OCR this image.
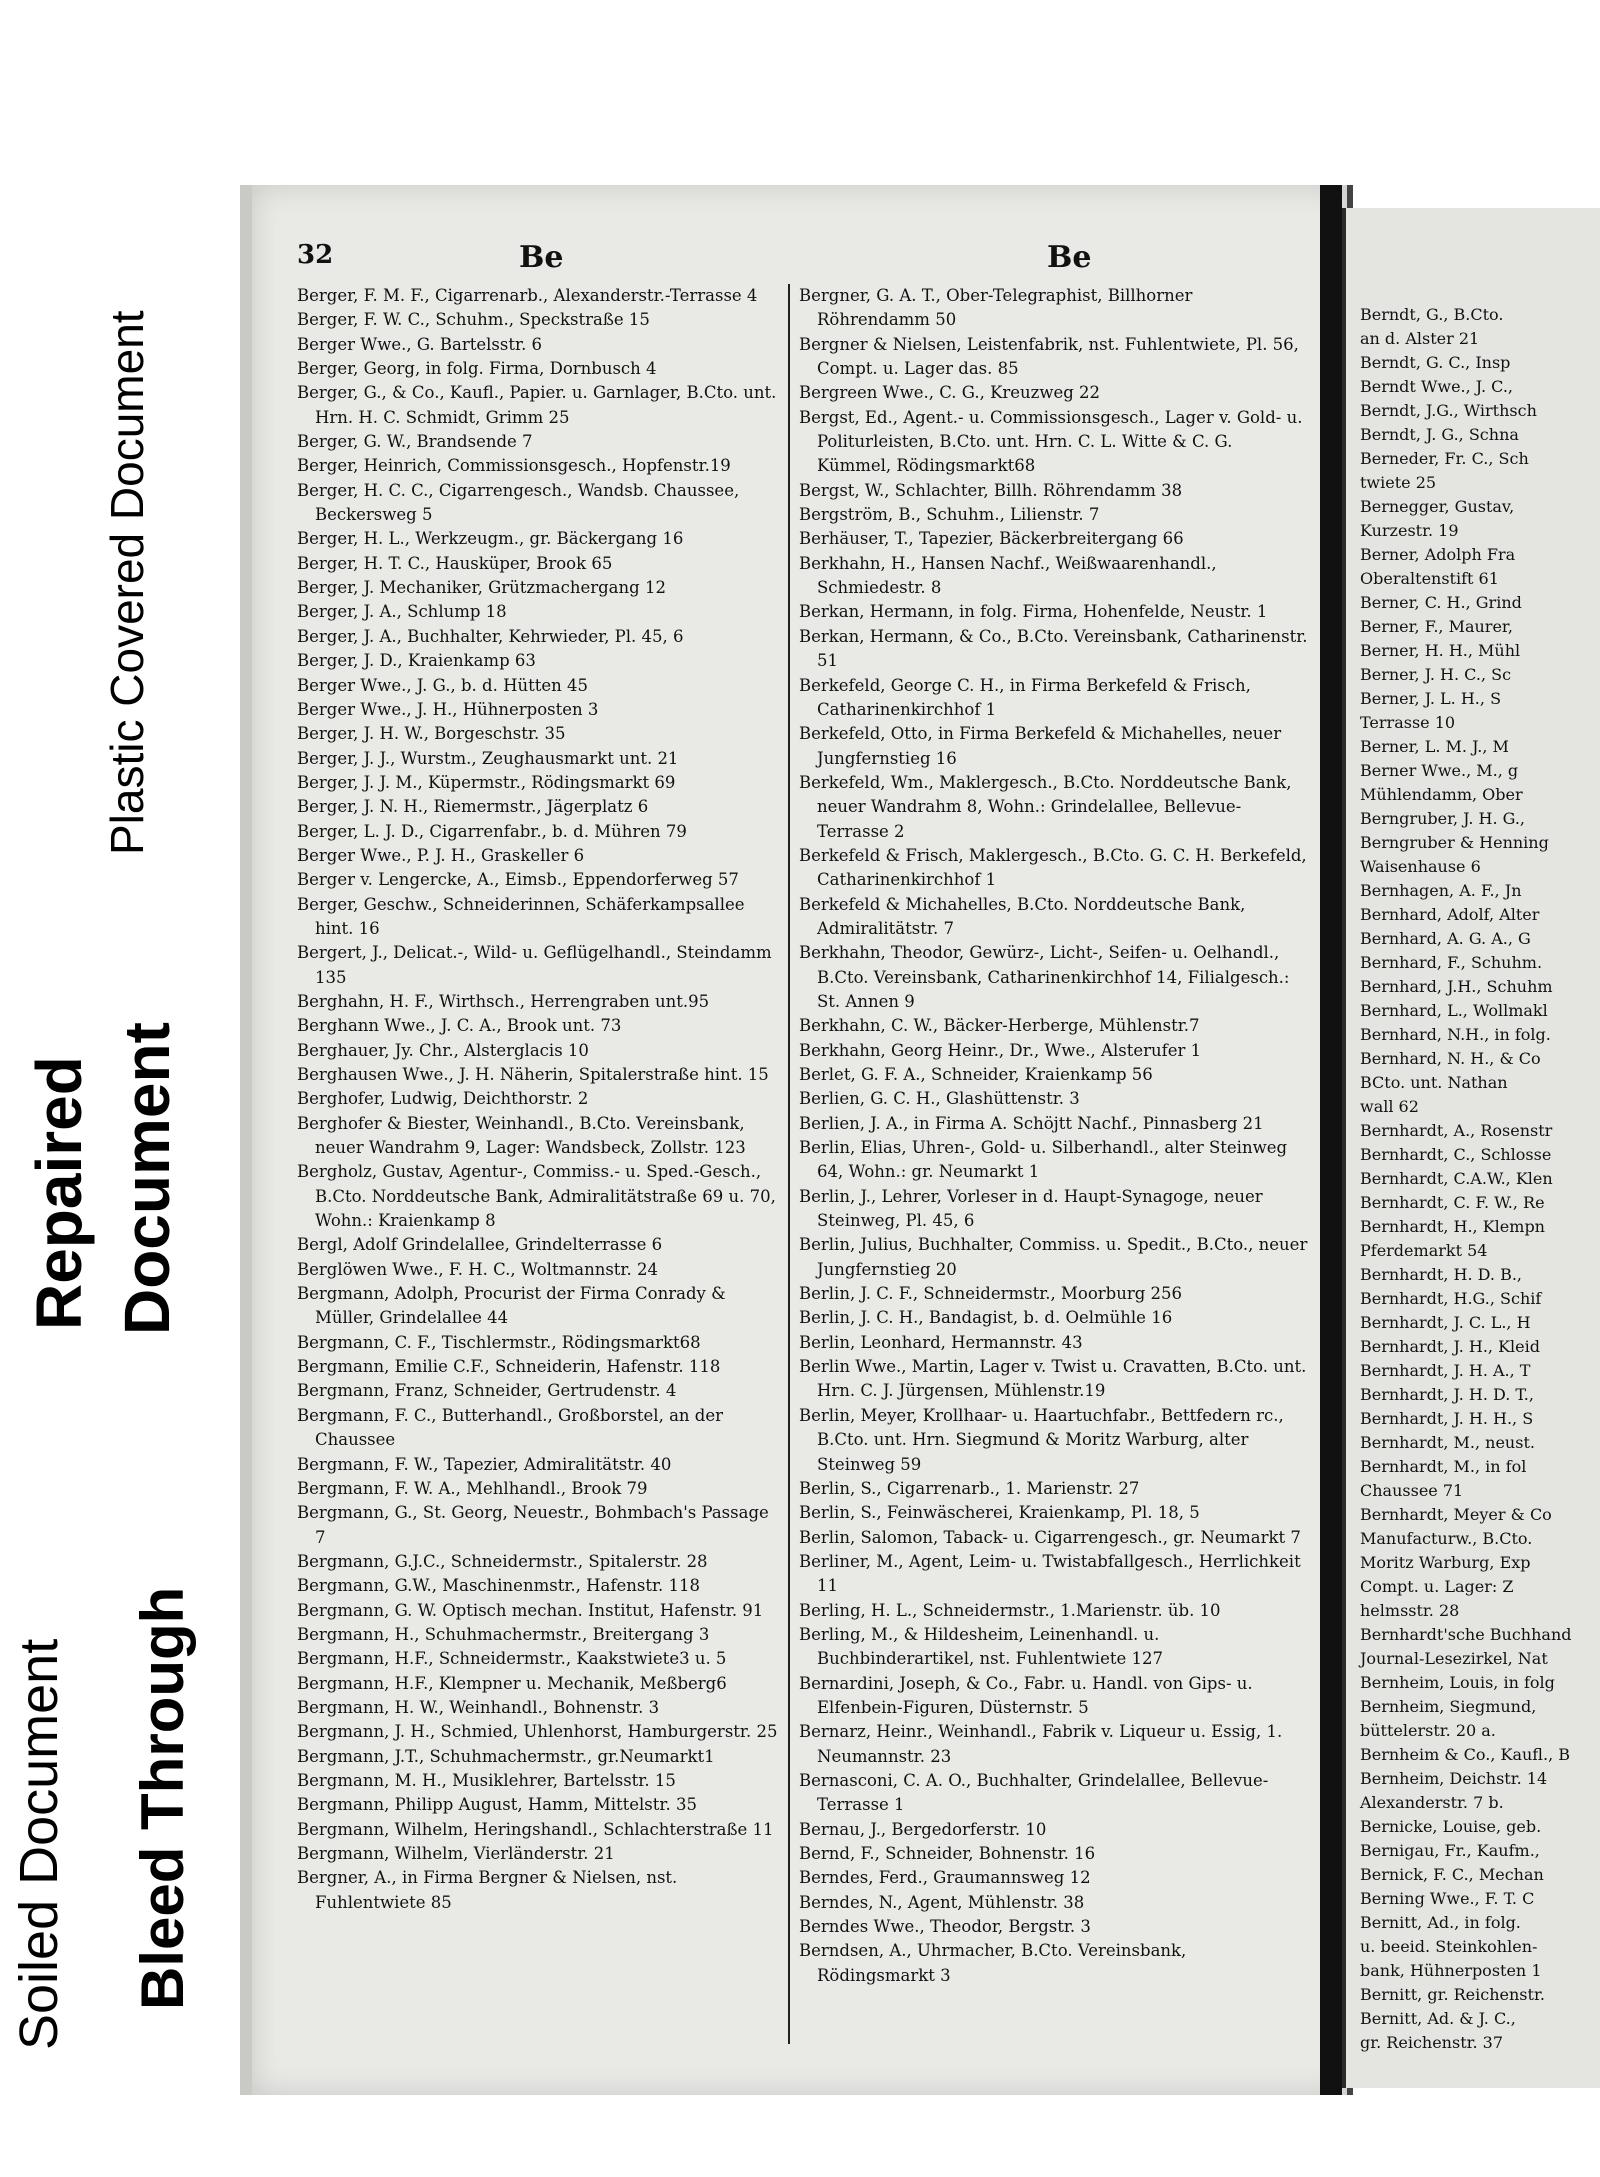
Plastic Covered Document
Repaired Document
Soiled Document Bleed Through
32	Be	Be
Berger, F. M. F., Cigarrenarb., Alexanderstr.-Terrasse 4
Berger, F. W. C., Schuhm., Speckstraße 15
Berger Wwe., G. Bartelsstr. 6
Berger, Georg, in folg. Firma, Dornbusch 4
Berger, G., & Co., Kaufl., Papier. u. Garnlager, B.Cto. unt. Hrn. H. C. Schmidt, Grimm 25
Berger, G. W., Brandsende 7
Berger, Heinrich, Commissionsgesch., Hopfenstr.19
Berger, H. C. C., Cigarrengesch., Wandsb. Chaussee, Beckersweg 5
Berger, H. L., Werkzeugm., gr. Bäckergang 16
Berger, H. T. C., Hausküper, Brook 65
Berger, J. Mechaniker, Grützmachergang 12
Berger, J. A., Schlump 18
Berger, J. A., Buchhalter, Kehrwieder, Pl. 45, 6
Berger, J. D., Kraienkamp 63
Berger Wwe., J. G., b. d. Hütten 45
Berger Wwe., J. H., Hühnerposten 3
Berger, J. H. W., Borgeschstr. 35
Berger, J. J., Wurstm., Zeughausmarkt unt. 21
Berger, J. J. M., Küpermstr., Rödingsmarkt 69
Berger, J. N. H., Riemermstr., Jägerplatz 6
Berger, L. J. D., Cigarrenfabr., b. d. Mühren 79
Berger Wwe., P. J. H., Graskeller 6
Berger v. Lengercke, A., Eimsb., Eppendorferweg 57
Berger, Geschw., Schneiderinnen, Schäferkampsallee hint. 16
Bergert, J., Delicat.-, Wild- u. Geflügelhandl., Steindamm 135
Berghahn, H. F., Wirthsch., Herrengraben unt.95
Berghann Wwe., J. C. A., Brook unt. 73
Berghauer, Jy. Chr., Alsterglacis 10
Berghausen Wwe., J. H. Näherin, Spitalerstraße hint. 15
Berghofer, Ludwig, Deichthorstr. 2
Berghofer & Biester, Weinhandl., B.Cto. Vereinsbank, neuer Wandrahm 9, Lager: Wandsbeck, Zollstr. 123
Bergholz, Gustav, Agentur-, Commiss.- u. Sped.-Gesch., B.Cto. Norddeutsche Bank, Admiralitätstraße 69 u. 70, Wohn.: Kraienkamp 8
Bergl, Adolf Grindelallee, Grindelterrasse 6
Berglöwen Wwe., F. H. C., Woltmannstr. 24
Bergmann, Adolph, Procurist der Firma Conrady & Müller, Grindelallee 44
Bergmann, C. F., Tischlermstr., Rödingsmarkt68
Bergmann, Emilie C.F., Schneiderin, Hafenstr. 118
Bergmann, Franz, Schneider, Gertrudenstr. 4
Bergmann, F. C., Butterhandl., Großborstel, an der Chaussee
Bergmann, F. W., Tapezier, Admiralitätstr. 40
Bergmann, F. W. A., Mehlhandl., Brook 79
Bergmann, G., St. Georg, Neuestr., Bohmbach's Passage 7
Bergmann, G.J.C., Schneidermstr., Spitalerstr. 28
Bergmann, G.W., Maschinenmstr., Hafenstr. 118
Bergmann, G. W. Optisch mechan. Institut, Hafenstr. 91
Bergmann, H., Schuhmachermstr., Breitergang 3
Bergmann, H.F., Schneidermstr., Kaakstwiete3 u. 5
Bergmann, H.F., Klempner u. Mechanik, Meßberg6
Bergmann, H. W., Weinhandl., Bohnenstr. 3
Bergmann, J. H., Schmied, Uhlenhorst, Hamburgerstr. 25
Bergmann, J.T., Schuhmachermstr., gr.Neumarkt1
Bergmann, M. H., Musiklehrer, Bartelsstr. 15
Bergmann, Philipp August, Hamm, Mittelstr. 35
Bergmann, Wilhelm, Heringshandl., Schlachterstraße 11
Bergmann, Wilhelm, Vierländerstr. 21
Bergner, A., in Firma Bergner & Nielsen, nst. Fuhlentwiete 85
Bergner, G. A. T., Ober-Telegraphist, Billhorner Röhrendamm 50
Bergner & Nielsen, Leistenfabrik, nst. Fuhlentwiete, Pl. 56, Compt. u. Lager das. 85
Bergreen Wwe., C. G., Kreuzweg 22
Bergst, Ed., Agent.- u. Commissionsgesch., Lager v. Gold- u. Politurleisten, B.Cto. unt. Hrn. C. L. Witte & C. G. Kümmel, Rödingsmarkt68
Bergst, W., Schlachter, Billh. Röhrendamm 38
Bergström, B., Schuhm., Lilienstr. 7
Berhäuser, T., Tapezier, Bäckerbreitergang 66
Berkhahn, H., Hansen Nachf., Weißwaarenhandl., Schmiedestr. 8
Berkan, Hermann, in folg. Firma, Hohenfelde, Neustr. 1
Berkan, Hermann, & Co., B.Cto. Vereinsbank, Catharinenstr. 51
Berkefeld, George C. H., in Firma Berkefeld & Frisch, Catharinenkirchhof 1
Berkefeld, Otto, in Firma Berkefeld & Michahelles, neuer Jungfernstieg 16
Berkefeld, Wm., Maklergesch., B.Cto. Norddeutsche Bank, neuer Wandrahm 8, Wohn.: Grindelallee, Bellevue-Terrasse 2
Berkefeld & Frisch, Maklergesch., B.Cto. G. C. H. Berkefeld, Catharinenkirchhof 1
Berkefeld & Michahelles, B.Cto. Norddeutsche Bank, Admiralitätstr. 7
Berkhahn, Theodor, Gewürz-, Licht-, Seifen- u. Oelhandl., B.Cto. Vereinsbank, Catharinenkirchhof 14, Filialgesch.: St. Annen 9
Berkhahn, C. W., Bäcker-Herberge, Mühlenstr.7
Berkhahn, Georg Heinr., Dr., Wwe., Alsterufer 1
Berlet, G. F. A., Schneider, Kraienkamp 56
Berlien, G. C. H., Glashüttenstr. 3
Berlien, J. A., in Firma A. Schöjtt Nachf., Pinnasberg 21
Berlin, Elias, Uhren-, Gold- u. Silberhandl., alter Steinweg 64, Wohn.: gr. Neumarkt 1
Berlin, J., Lehrer, Vorleser in d. Haupt-Synagoge, neuer Steinweg, Pl. 45, 6
Berlin, Julius, Buchhalter, Commiss. u. Spedit., B.Cto., neuer Jungfernstieg 20
Berlin, J. C. F., Schneidermstr., Moorburg 256
Berlin, J. C. H., Bandagist, b. d. Oelmühle 16
Berlin, Leonhard, Hermannstr. 43
Berlin Wwe., Martin, Lager v. Twist u. Cravatten, B.Cto. unt. Hrn. C. J. Jürgensen, Mühlenstr.19
Berlin, Meyer, Krollhaar- u. Haartuchfabr., Bettfedern rc., B.Cto. unt. Hrn. Siegmund & Moritz Warburg, alter Steinweg 59
Berlin, S., Cigarrenarb., 1. Marienstr. 27
Berlin, S., Feinwäscherei, Kraienkamp, Pl. 18, 5
Berlin, Salomon, Taback- u. Cigarrengesch., gr. Neumarkt 7
Berliner, M., Agent, Leim- u. Twistabfallgesch., Herrlichkeit 11
Berling, H. L., Schneidermstr., 1.Marienstr. üb. 10
Berling, M., & Hildesheim, Leinenhandl. u. Buchbinderartikel, nst. Fuhlentwiete 127
Bernardini, Joseph, & Co., Fabr. u. Handl. von Gips- u. Elfenbein-Figuren, Düsternstr. 5
Bernarz, Heinr., Weinhandl., Fabrik v. Liqueur u. Essig, 1. Neumannstr. 23
Bernasconi, C. A. O., Buchhalter, Grindelallee, Bellevue-Terrasse 1
Bernau, J., Bergedorferstr. 10
Bernd, F., Schneider, Bohnenstr. 16
Berndes, Ferd., Graumannsweg 12
Berndes, N., Agent, Mühlenstr. 38
Berndes Wwe., Theodor, Bergstr. 3
Berndsen, A., Uhrmacher, B.Cto. Vereinsbank, Rödingsmarkt 3
Berndt, G., B.Cto.
an d. Alster 21
Berndt, G. C., Insp
Berndt Wwe., J. C.,
Berndt, J.G., Wirthsch
Berndt, J. G., Schna
Berneder, Fr. C., Sch
twiete 25
Bernegger, Gustav,
Kurzestr. 19
Berner, Adolph Fra
Oberaltenstift 61
Berner, C. H., Grind
Berner, F., Maurer,
Berner, H. H., Mühl
Berner, J. H. C., Sc
Berner, J. L. H., S
Terrasse 10
Berner, L. M. J., M
Berner Wwe., M., g
Mühlendamm, Ober
Berngruber, J. H. G.,
Berngruber & Henning
Waisenhause 6
Bernhagen, A. F., Jn
Bernhard, Adolf, Alter
Bernhard, A. G. A., G
Bernhard, F., Schuhm.
Bernhard, J.H., Schuhm
Bernhard, L., Wollmakl
Bernhard, N.H., in folg.
Bernhard, N. H., & Co
BCto. unt. Nathan
wall 62
Bernhardt, A., Rosenstr
Bernhardt, C., Schlosse
Bernhardt, C.A.W., Klen
Bernhardt, C. F. W., Re
Bernhardt, H., Klempn
Pferdemarkt 54
Bernhardt, H. D. B.,
Bernhardt, H.G., Schif
Bernhardt, J. C. L., H
Bernhardt, J. H., Kleid
Bernhardt, J. H. A., T
Bernhardt, J. H. D. T.,
Bernhardt, J. H. H., S
Bernhardt, M., neust.
Bernhardt, M., in fol
Chaussee 71
Bernhardt, Meyer & Co
Manufacturw., B.Cto.
Moritz Warburg, Exp
Compt. u. Lager: Z
helmsstr. 28
Bernhardt'sche Buchhand
Journal-Lesezirkel, Nat
Bernheim, Louis, in folg
Bernheim, Siegmund,
büttelerstr. 20 a.
Bernheim & Co., Kaufl., B
Bernheim, Deichstr. 14
Alexanderstr. 7 b.
Bernicke, Louise, geb.
Bernigau, Fr., Kaufm.,
Bernick, F. C., Mechan
Berning Wwe., F. T. C
Bernitt, Ad., in folg.
u. beeid. Steinkohlen-
bank, Hühnerposten 1
Bernitt, gr. Reichenstr.
Bernitt, Ad. & J. C.,
gr. Reichenstr. 37
